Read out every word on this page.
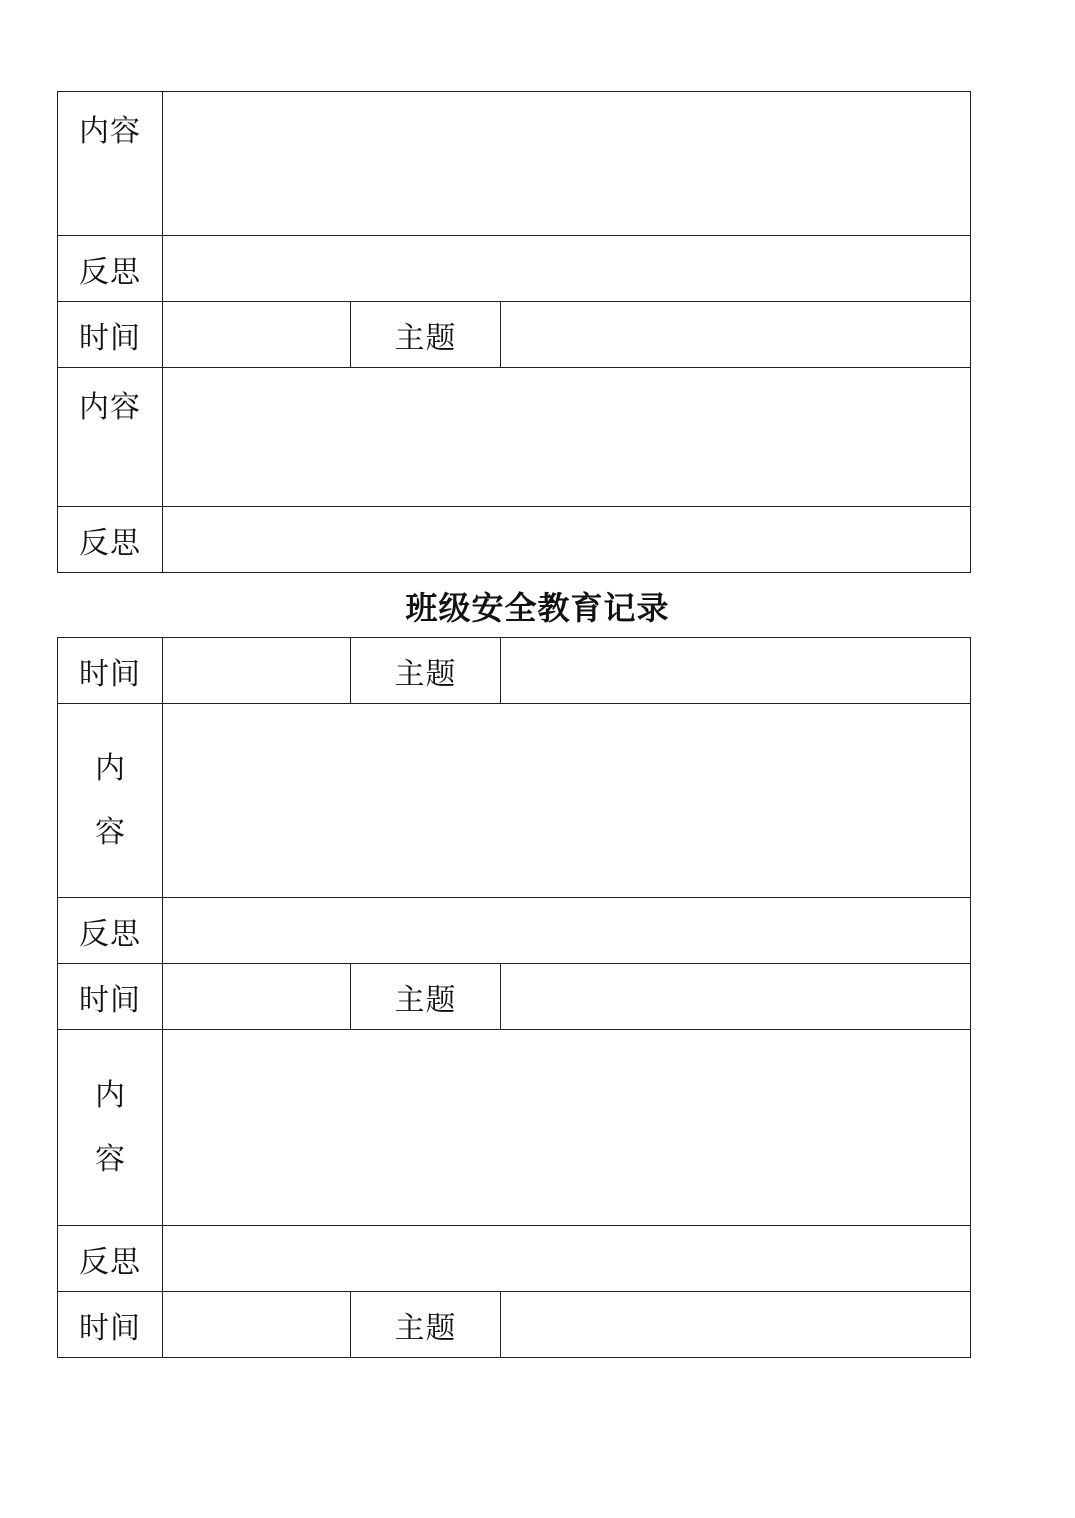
内容			
反思			
时间		主题	
内容			
反思			
班级安全教育记录
时间		主题	

内
容			

反思			
时间		主题	

内
容			

反思			
时间		主题	
